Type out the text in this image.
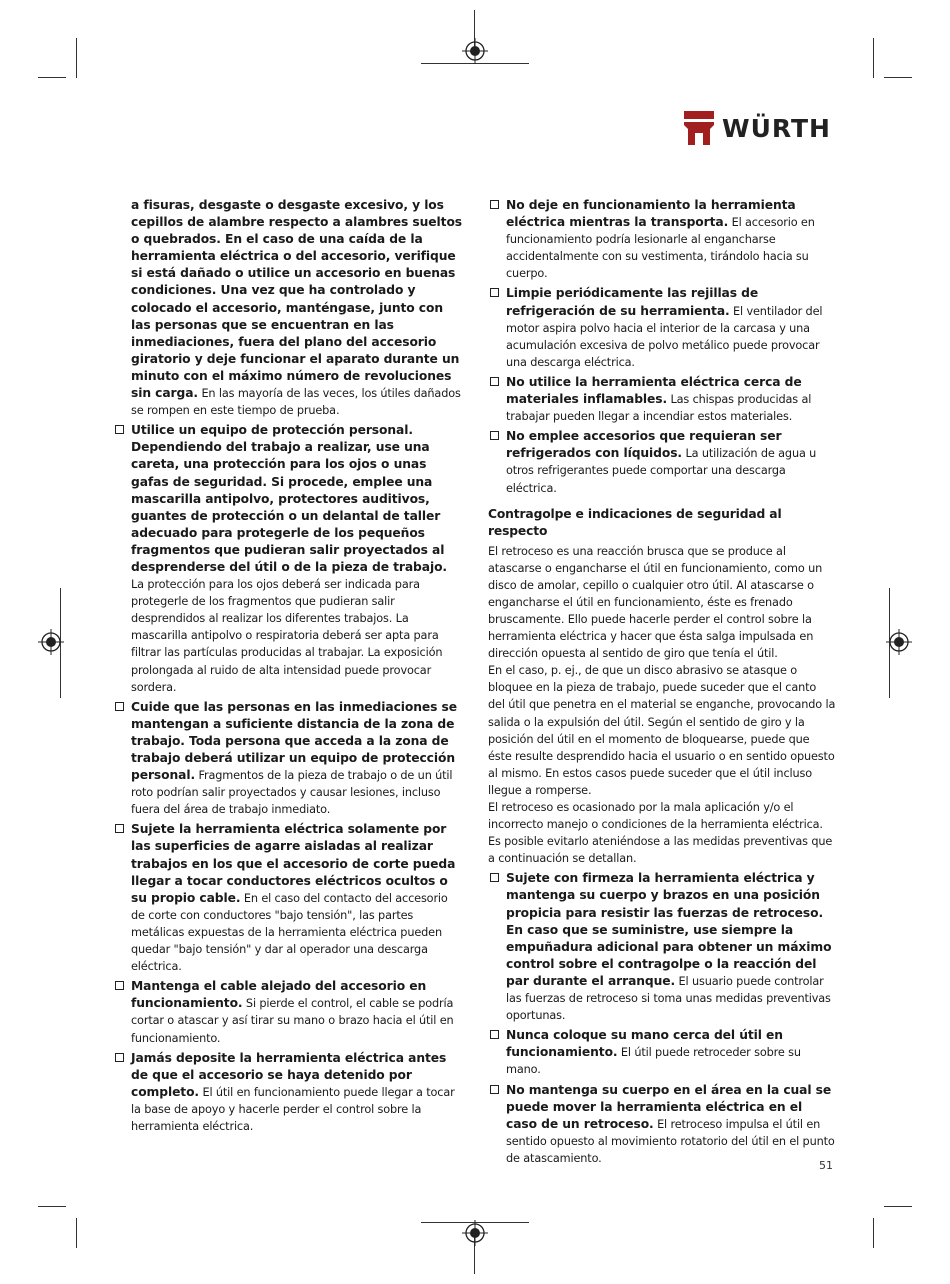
WÜRTH
a fisuras, desgaste o desgaste excesivo, y los cepillos de alambre respecto a alambres sueltos o quebrados. En el caso de una caída de la herramienta eléctrica o del accesorio, verifique si está dañado o utilice un accesorio en buenas condiciones. Una vez que ha controlado y colocado el accesorio, manténgase, junto con las personas que se encuentran en las inmediaciones, fuera del plano del accesorio giratorio y deje funcionar el aparato durante un minuto con el máximo número de revoluciones sin carga. En las mayoría de las veces, los útiles dañados se rompen en este tiempo de prueba.
Utilice un equipo de protección personal. Dependiendo del trabajo a realizar, use una careta, una protección para los ojos o unas gafas de seguridad. Si procede, emplee una mascarilla antipolvo, protectores auditivos, guantes de protección o un delantal de taller adecuado para protegerle de los pequeños fragmentos que pudieran salir proyectados al desprenderse del útil o de la pieza de trabajo. La protección para los ojos deberá ser indicada para protegerle de los fragmentos que pudieran salir desprendidos al realizar los diferentes trabajos. La mascarilla antipolvo o respiratoria deberá ser apta para filtrar las partículas producidas al trabajar. La exposición prolongada al ruido de alta intensidad puede provocar sordera.
Cuide que las personas en las inmediaciones se mantengan a suficiente distancia de la zona de trabajo. Toda persona que acceda a la zona de trabajo deberá utilizar un equipo de protección personal. Fragmentos de la pieza de trabajo o de un útil roto podrían salir proyectados y causar lesiones, incluso fuera del área de trabajo inmediato.
Sujete la herramienta eléctrica solamente por las superficies de agarre aisladas al realizar trabajos en los que el accesorio de corte pueda llegar a tocar conductores eléctricos ocultos o su propio cable. En el caso del contacto del accesorio de corte con conductores "bajo tensión", las partes metálicas expuestas de la herramienta eléctrica pueden quedar "bajo tensión" y dar al operador una descarga eléctrica.
Mantenga el cable alejado del accesorio en funcionamiento. Si pierde el control, el cable se podría cortar o atascar y así tirar su mano o brazo hacia el útil en funcionamiento.
Jamás deposite la herramienta eléctrica antes de que el accesorio se haya detenido por completo. El útil en funcionamiento puede llegar a tocar la base de apoyo y hacerle perder el control sobre la herramienta eléctrica.
No deje en funcionamiento la herramienta eléctrica mientras la transporta. El accesorio en funcionamiento podría lesionarle al engancharse accidentalmente con su vestimenta, tirándolo hacia su cuerpo.
Limpie periódicamente las rejillas de refrigeración de su herramienta. El ventilador del motor aspira polvo hacia el interior de la carcasa y una acumulación excesiva de polvo metálico puede provocar una descarga eléctrica.
No utilice la herramienta eléctrica cerca de materiales inflamables. Las chispas producidas al trabajar pueden llegar a incendiar estos materiales.
No emplee accesorios que requieran ser refrigerados con líquidos. La utilización de agua u otros refrigerantes puede comportar una descarga eléctrica.
Contragolpe e indicaciones de seguridad al respecto
El retroceso es una reacción brusca que se produce al atascarse o engancharse el útil en funcionamiento, como un disco de amolar, cepillo o cualquier otro útil. Al atascarse o engancharse el útil en funcionamiento, éste es frenado bruscamente. Ello puede hacerle perder el control sobre la herramienta eléctrica y hacer que ésta salga impulsada en dirección opuesta al sentido de giro que tenía el útil.
En el caso, p. ej., de que un disco abrasivo se atasque o bloquee en la pieza de trabajo, puede suceder que el canto del útil que penetra en el material se enganche, provocando la salida o la expulsión del útil. Según el sentido de giro y la posición del útil en el momento de bloquearse, puede que éste resulte desprendido hacia el usuario o en sentido opuesto al mismo. En estos casos puede suceder que el útil incluso llegue a romperse.
El retroceso es ocasionado por la mala aplicación y/o el incorrecto manejo o condiciones de la herramienta eléctrica. Es posible evitarlo ateniéndose a las medidas preventivas que a continuación se detallan.
Sujete con firmeza la herramienta eléctrica y mantenga su cuerpo y brazos en una posición propicia para resistir las fuerzas de retroceso. En caso que se suministre, use siempre la empuñadura adicional para obtener un máximo control sobre el contragolpe o la reacción del par durante el arranque. El usuario puede controlar las fuerzas de retroceso si toma unas medidas preventivas oportunas.
Nunca coloque su mano cerca del útil en funcionamiento. El útil puede retroceder sobre su mano.
No mantenga su cuerpo en el área en la cual se puede mover la herramienta eléctrica en el caso de un retroceso. El retroceso impulsa el útil en sentido opuesto al movimiento rotatorio del útil en el punto de atascamiento.
51
